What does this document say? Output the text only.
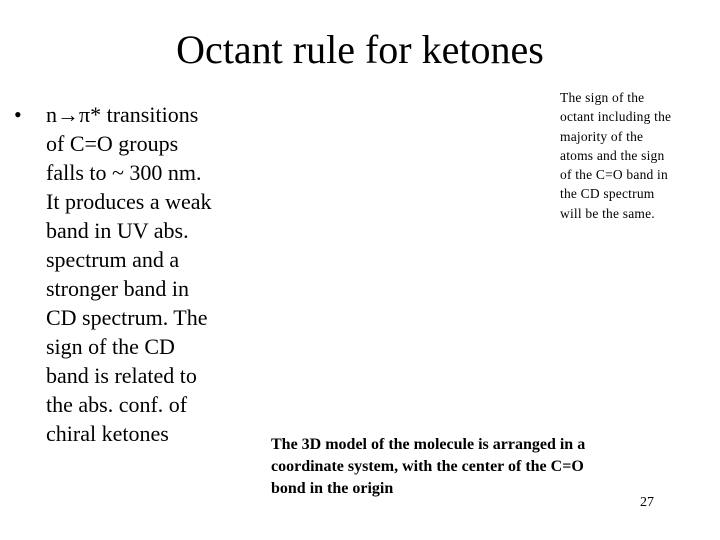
Octant rule for ketones
• n→π* transitions
of C=O groups
falls to ~ 300 nm.
It produces a weak
band in UV abs.
spectrum and a
stronger band in
CD spectrum. The
sign of the CD
band is related to
the abs. conf. of
chiral ketones
The sign of the
octant including the
majority of the
atoms and the sign
of the C=O band in
the CD spectrum
will be the same.
The 3D model of the molecule is arranged in a
coordinate system, with the center of the C=O
bond in the origin
27
